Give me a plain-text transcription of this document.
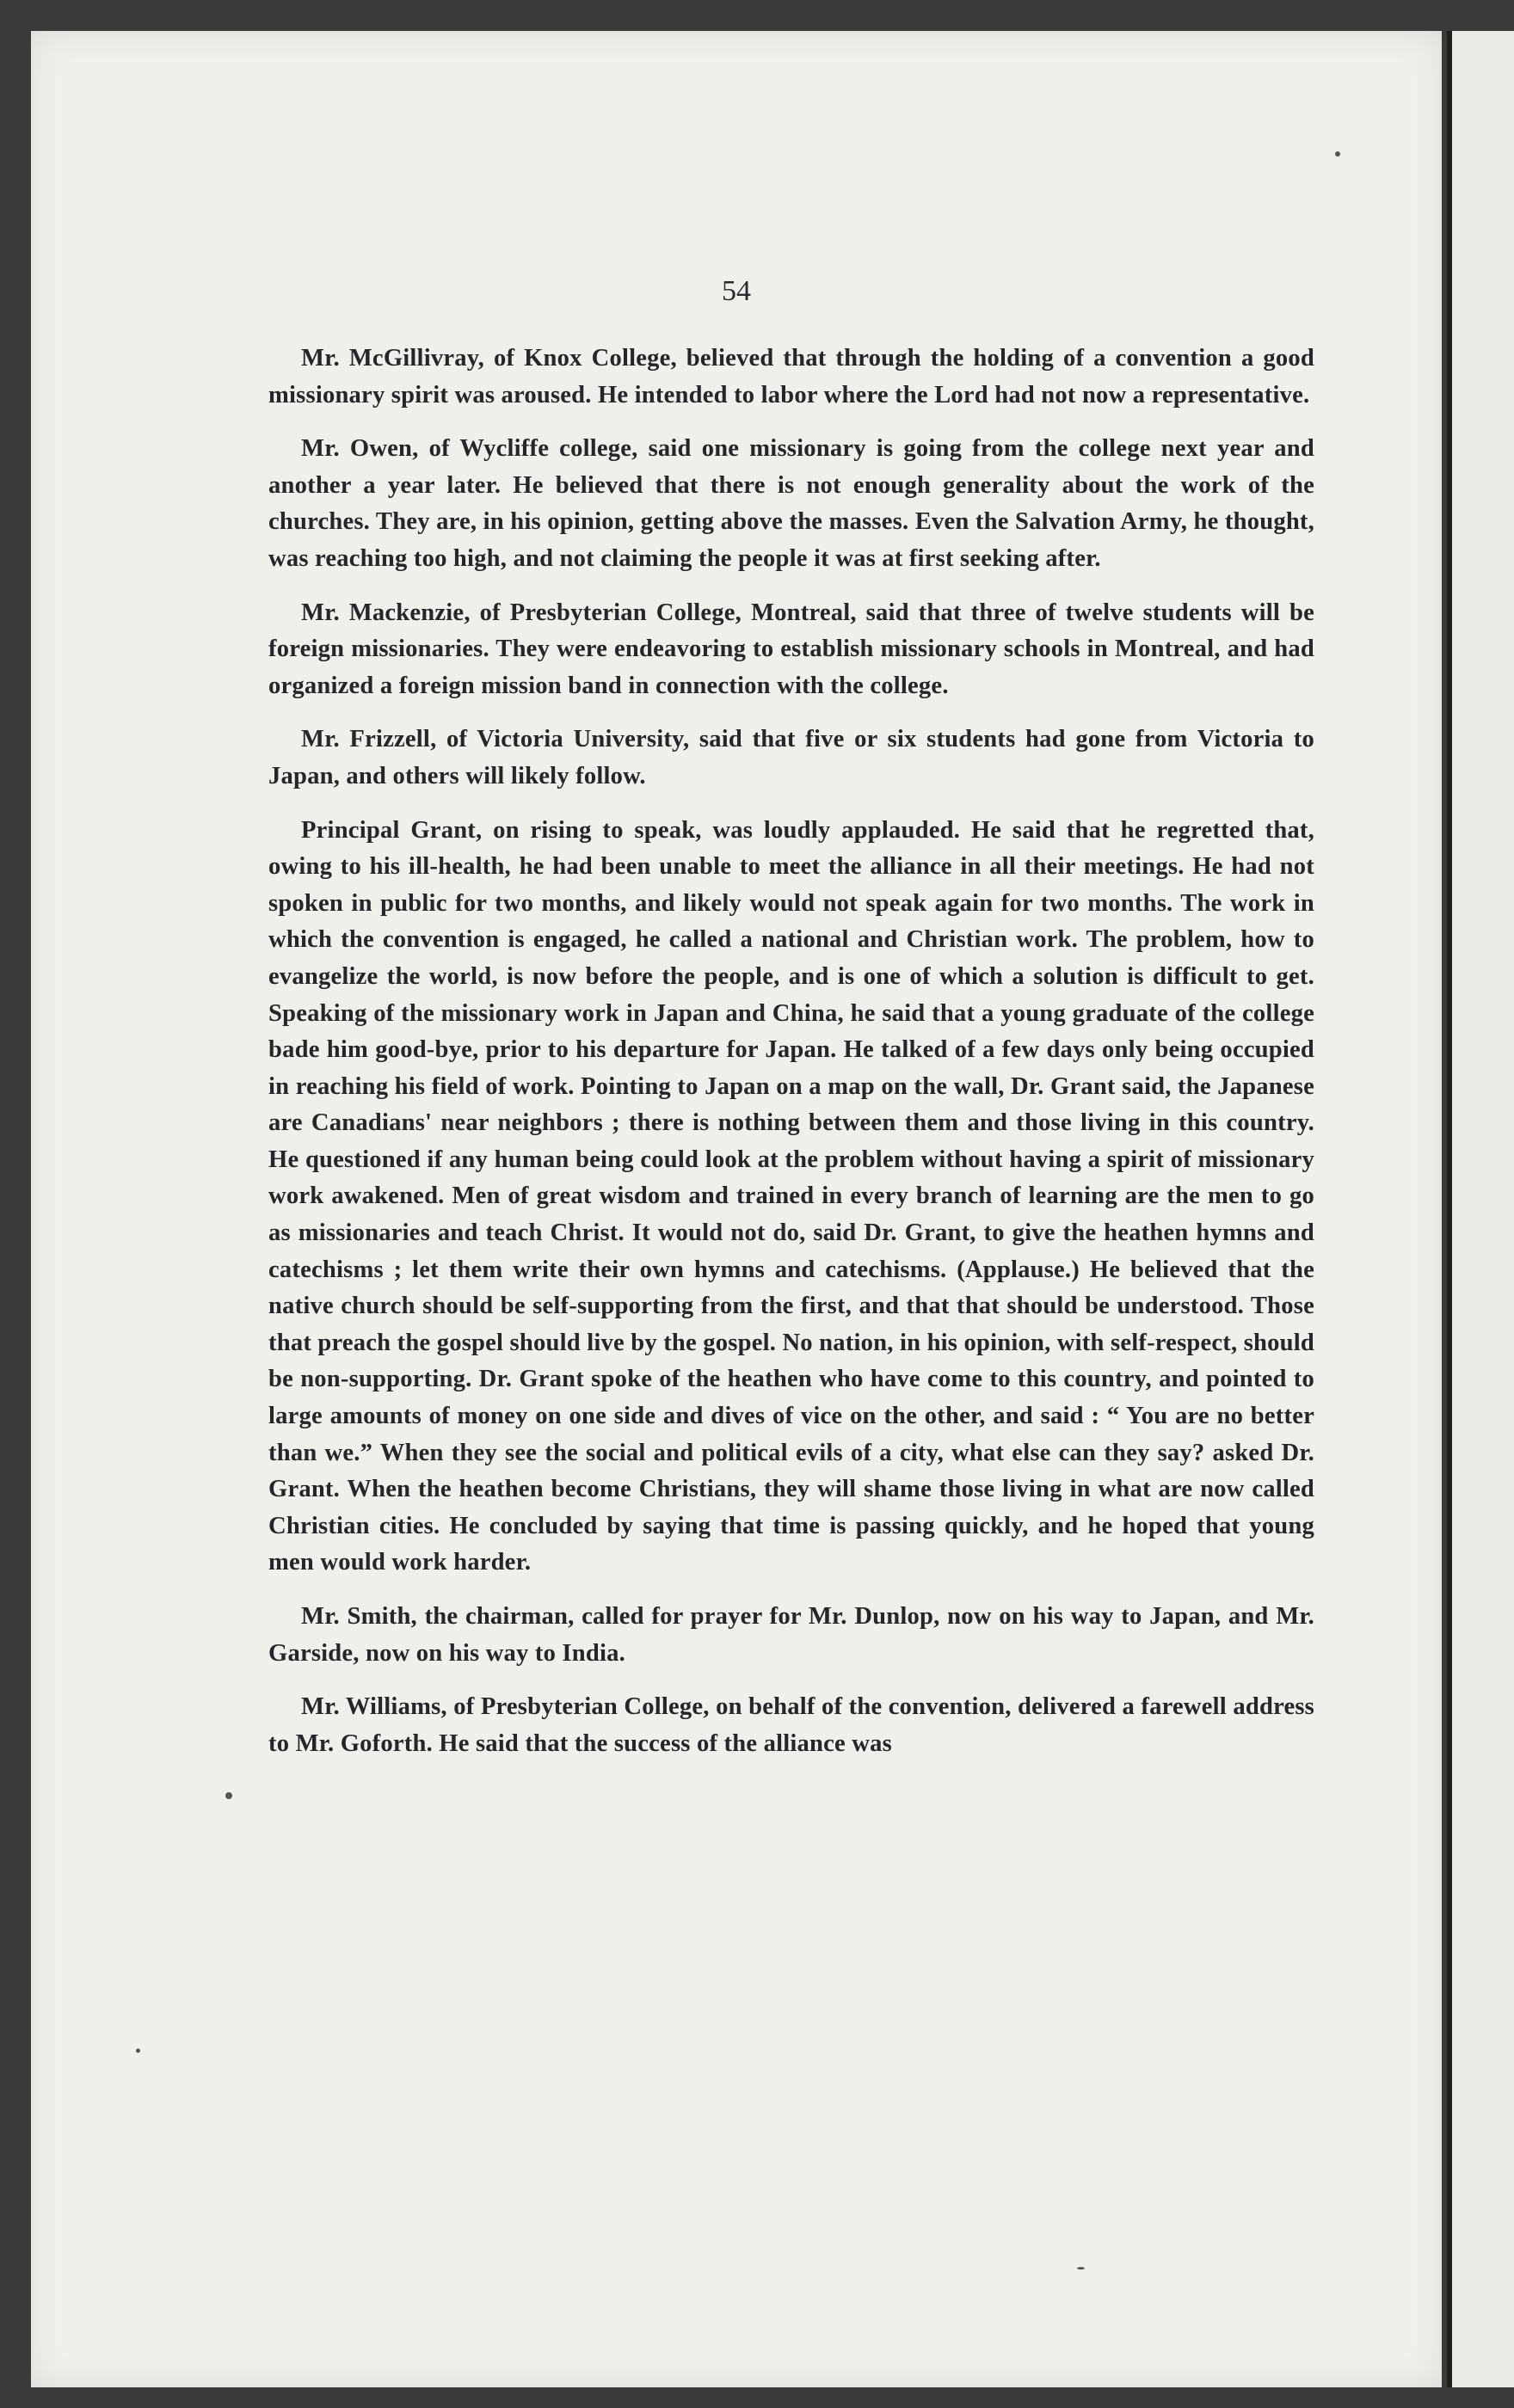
54

Mr. McGillivray, of Knox College, believed that through the holding of a convention a good missionary spirit was aroused. He intended to labor where the Lord had not now a representative.

Mr. Owen, of Wycliffe college, said one missionary is going from the college next year and another a year later. He believed that there is not enough generality about the work of the churches. They are, in his opinion, getting above the masses. Even the Salvation Army, he thought, was reaching too high, and not claiming the people it was at first seeking after.

Mr. Mackenzie, of Presbyterian College, Montreal, said that three of twelve students will be foreign missionaries. They were endeavoring to establish missionary schools in Montreal, and had organized a foreign mission band in connection with the college.

Mr. Frizzell, of Victoria University, said that five or six students had gone from Victoria to Japan, and others will likely follow.

Principal Grant, on rising to speak, was loudly applauded. He said that he regretted that, owing to his ill-health, he had been unable to meet the alliance in all their meetings. He had not spoken in public for two months, and likely would not speak again for two months. The work in which the convention is engaged, he called a national and Christian work. The problem, how to evangelize the world, is now before the people, and is one of which a solution is difficult to get. Speaking of the missionary work in Japan and China, he said that a young graduate of the college bade him good-bye, prior to his departure for Japan. He talked of a few days only being occupied in reaching his field of work. Pointing to Japan on a map on the wall, Dr. Grant said, the Japanese are Canadians' near neighbors ; there is nothing between them and those living in this country. He questioned if any human being could look at the problem without having a spirit of missionary work awakened. Men of great wisdom and trained in every branch of learning are the men to go as missionaries and teach Christ. It would not do, said Dr. Grant, to give the heathen hymns and catechisms ; let them write their own hymns and catechisms. (Applause.) He believed that the native church should be self-supporting from the first, and that that should be understood. Those that preach the gospel should live by the gospel. No nation, in his opinion, with self-respect, should be non-supporting. Dr. Grant spoke of the heathen who have come to this country, and pointed to large amounts of money on one side and dives of vice on the other, and said : “ You are no better than we.” When they see the social and political evils of a city, what else can they say? asked Dr. Grant. When the heathen become Christians, they will shame those living in what are now called Christian cities. He concluded by saying that time is passing quickly, and he hoped that young men would work harder.

Mr. Smith, the chairman, called for prayer for Mr. Dunlop, now on his way to Japan, and Mr. Garside, now on his way to India.

Mr. Williams, of Presbyterian College, on behalf of the convention, delivered a farewell address to Mr. Goforth. He said that the success of the alliance was
